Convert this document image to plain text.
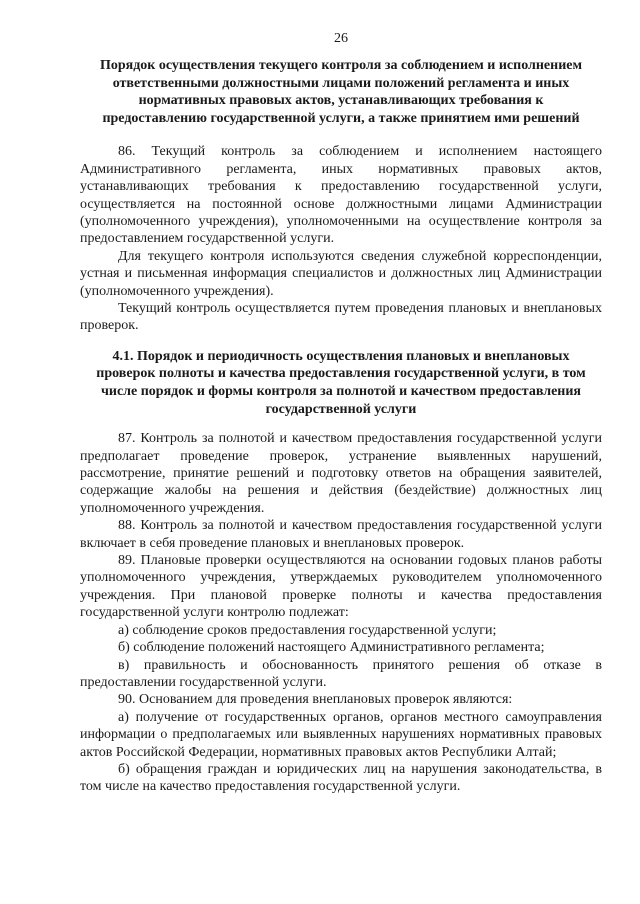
26
Порядок осуществления текущего контроля за соблюдением и исполнением ответственными должностными лицами положений регламента и иных нормативных правовых актов, устанавливающих требования к предоставлению государственной услуги, а также принятием ими решений

86. Текущий контроль за соблюдением и исполнением настоящего Административного регламента, иных нормативных правовых актов, устанавливающих требования к предоставлению государственной услуги, осуществляется на постоянной основе должностными лицами Администрации (уполномоченного учреждения), уполномоченными на осуществление контроля за предоставлением государственной услуги.

Для текущего контроля используются сведения служебной корреспонденции, устная и письменная информация специалистов и должностных лиц Администрации (уполномоченного учреждения).

Текущий контроль осуществляется путем проведения плановых и внеплановых проверок.

4.1. Порядок и периодичность осуществления плановых и внеплановых проверок полноты и качества предоставления государственной услуги, в том числе порядок и формы контроля за полнотой и качеством предоставления государственной услуги

87. Контроль за полнотой и качеством предоставления государственной услуги предполагает проведение проверок, устранение выявленных нарушений, рассмотрение, принятие решений и подготовку ответов на обращения заявителей, содержащие жалобы на решения и действия (бездействие) должностных лиц уполномоченного учреждения.

88. Контроль за полнотой и качеством предоставления государственной услуги включает в себя проведение плановых и внеплановых проверок.

89. Плановые проверки осуществляются на основании годовых планов работы уполномоченного учреждения, утверждаемых руководителем уполномоченного учреждения. При плановой проверке полноты и качества предоставления государственной услуги контролю подлежат:

а) соблюдение сроков предоставления государственной услуги;

б) соблюдение положений настоящего Административного регламента;

в) правильность и обоснованность принятого решения об отказе в предоставлении государственной услуги.

90. Основанием для проведения внеплановых проверок являются:

а) получение от государственных органов, органов местного самоуправления информации о предполагаемых или выявленных нарушениях нормативных правовых актов Российской Федерации, нормативных правовых актов Республики Алтай;

б) обращения граждан и юридических лиц на нарушения законодательства, в том числе на качество предоставления государственной услуги.
